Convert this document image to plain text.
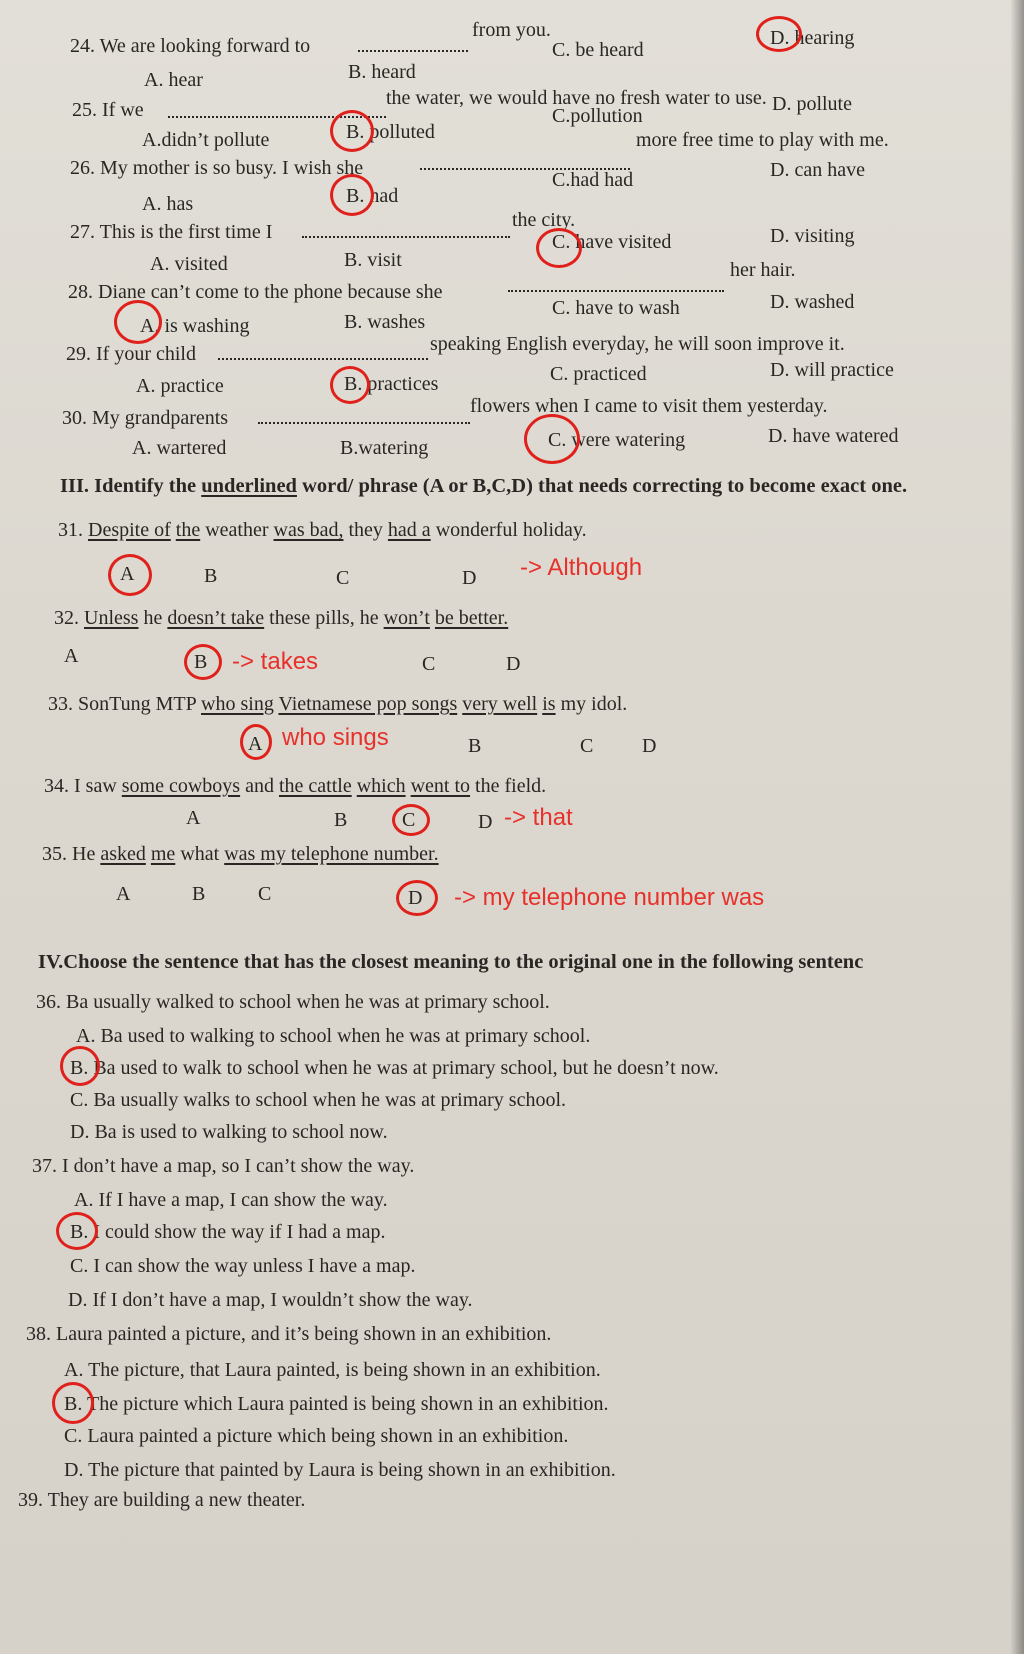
24. We are looking forward to
from you.
A. hear	B. heard
C. be heard
D. hearing
25. If we
the water, we would have no fresh water to use.
A.didn’t pollute	B. polluted
C.pollution
D. pollute
26. My mother is so busy. I wish she
more free time to play with me.
A. has	B. had
C.had had	D. can have
27. This is the first time I
the city.
A. visited	B. visit
C. have visited	D. visiting
28. Diane can’t come to the phone because she
her hair.
A. is washing	B. washes
C. have to wash	D. washed
29. If your child	speaking English everyday, he will soon improve it.
A. practice	B. practices	C. practiced	D. will practice
30. My grandparents
flowers when I came to visit them yesterday.
A. wartered	B.watering	C. were watering	D. have watered
III. Identify the underlined word/ phrase (A or B,C,D) that needs correcting to become exact one.
31. Despite of the weather was bad, they had a wonderful holiday.
A	B	C	D -> Although
32. Unless he doesn’t take these pills, he won’t be better.
A	B	C	D
-> takes
33. SonTung MTP who sing Vietnamese pop songs very well is my idol.
A	B	C D
who sings
34. I saw some cowboys and the cattle which went to the field.
A	B	C	D -> that
35. He asked me what was my telephone number.
A	B	C	D -> my telephone number was
IV.Choose the sentence that has the closest meaning to the original one in the following sentenc
36. Ba usually walked to school when he was at primary school.
A. Ba used to walking to school when he was at primary school.
B. Ba used to walk to school when he was at primary school, but he doesn’t now.
C. Ba usually walks to school when he was at primary school.
D. Ba is used to walking to school now.
37. I don’t have a map, so I can’t show the way.
A. If I have a map, I can show the way.
B. I could show the way if I had a map.
C. I can show the way unless I have a map.
D. If I don’t have a map, I wouldn’t show the way.
38. Laura painted a picture, and it’s being shown in an exhibition.
A. The picture, that Laura painted, is being shown in an exhibition.
B. The picture which Laura painted is being shown in an exhibition.
C. Laura painted a picture which being shown in an exhibition.
D. The picture that painted by Laura is being shown in an exhibition.
39. They are building a new theater.
